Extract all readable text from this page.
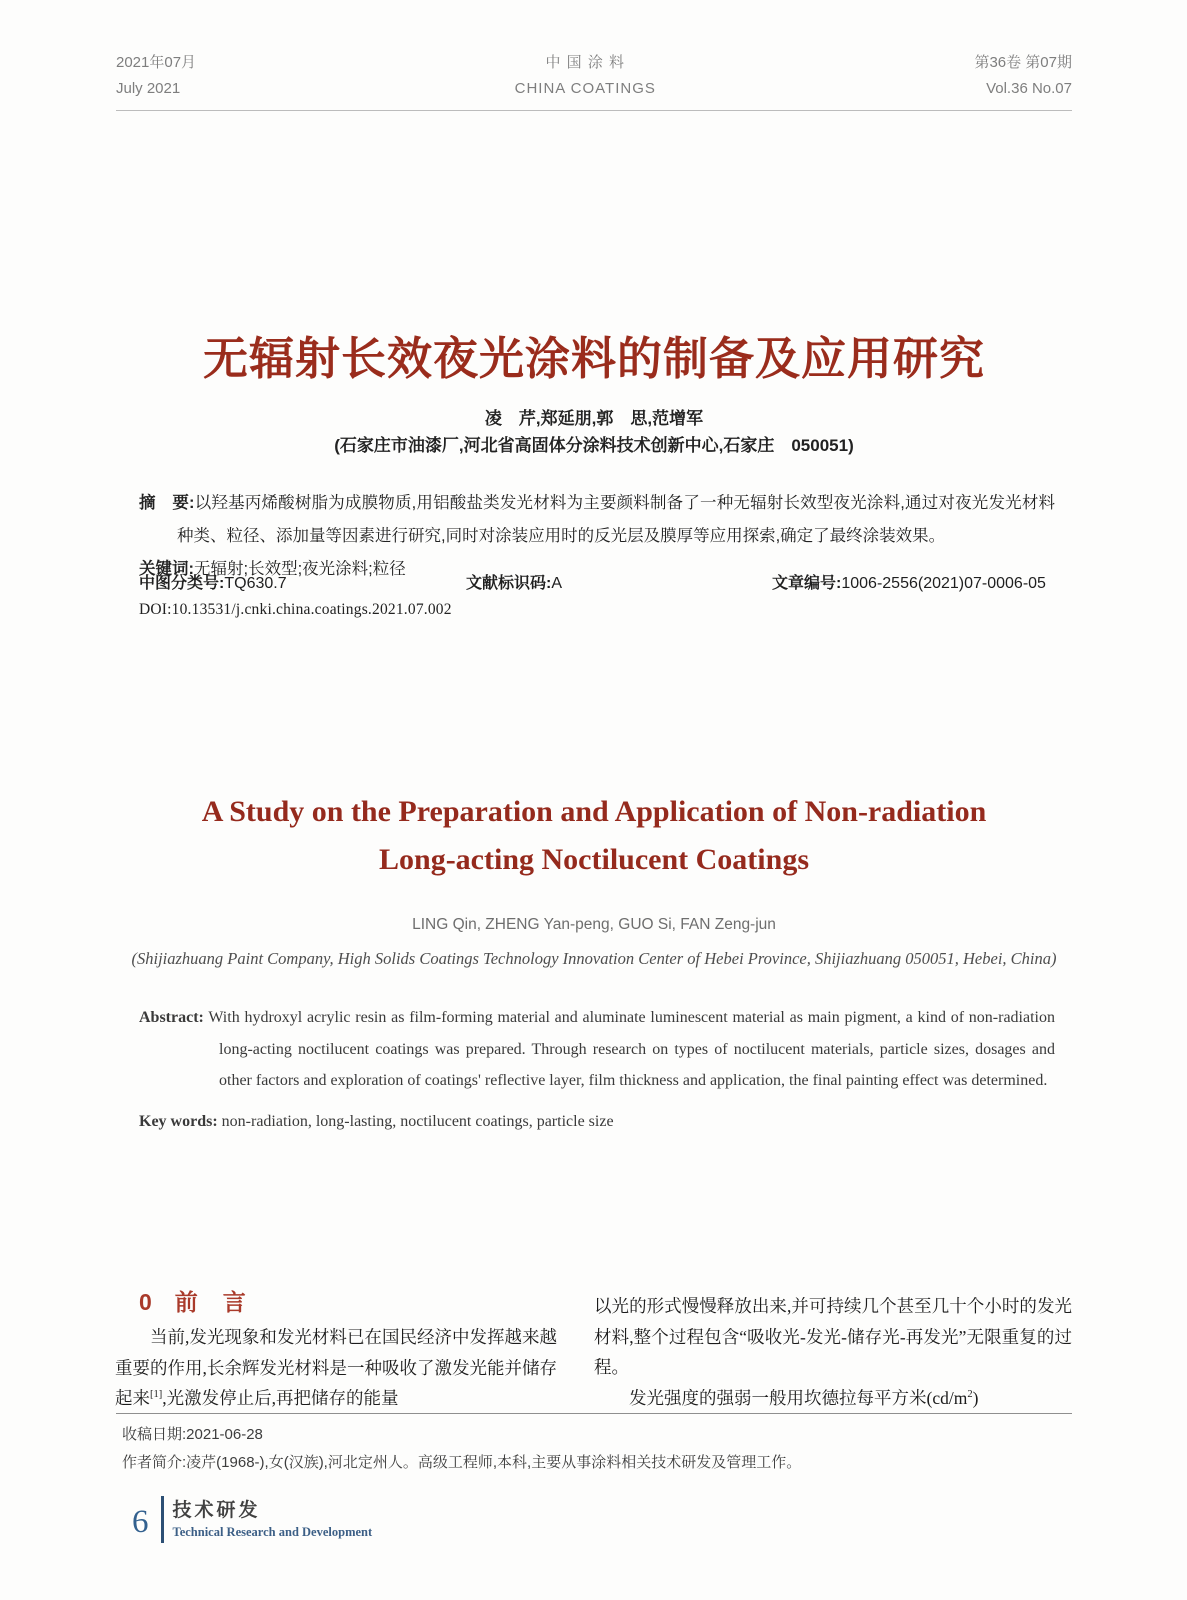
2021年07月
July 2021
中 国 涂 料
CHINA COATINGS
第36卷 第07期
Vol.36 No.07
无辐射长效夜光涂料的制备及应用研究
凌　芹,郑延朋,郭　思,范增军
(石家庄市油漆厂,河北省高固体分涂料技术创新中心,石家庄　050051)

摘　要:以羟基丙烯酸树脂为成膜物质,用铝酸盐类发光材料为主要颜料制备了一种无辐射长效型夜光涂料,通过对夜光发光材料种类、粒径、添加量等因素进行研究,同时对涂装应用时的反光层及膜厚等应用探索,确定了最终涂装效果。

关键词:无辐射;长效型;夜光涂料;粒径

中图分类号:TQ630.7	文献标识码:A	文章编号:1006-2556(2021)07-0006-05
DOI:10.13531/j.cnki.china.coatings.2021.07.002
A Study on the Preparation and Application of Non-radiation
Long-acting Noctilucent Coatings
LING Qin, ZHENG Yan-peng, GUO Si, FAN Zeng-jun
(Shijiazhuang Paint Company, High Solids Coatings Technology Innovation Center of Hebei Province, Shijiazhuang 050051, Hebei, China)

Abstract: With hydroxyl acrylic resin as film-forming material and aluminate luminescent material as main pigment, a kind of non-radiation long-acting noctilucent coatings was prepared. Through research on types of noctilucent materials, particle sizes, dosages and other factors and exploration of coatings' reflective layer, film thickness and application, the final painting effect was determined.

Key words: non-radiation, long-lasting, noctilucent coatings, particle size

0 前　言

当前,发光现象和发光材料已在国民经济中发挥越来越重要的作用,长余辉发光材料是一种吸收了激发光能并储存起来[1],光激发停止后,再把储存的能量

以光的形式慢慢释放出来,并可持续几个甚至几十个小时的发光材料,整个过程包含“吸收光-发光-储存光-再发光”无限重复的过程。

发光强度的强弱一般用坎德拉每平方米$(cd/m^2)$

收稿日期:2021-06-28
作者简介:凌芹(1968-),女(汉族),河北定州人。高级工程师,本科,主要从事涂料相关技术研发及管理工作。
6 技术研发
Technical Research and Development
